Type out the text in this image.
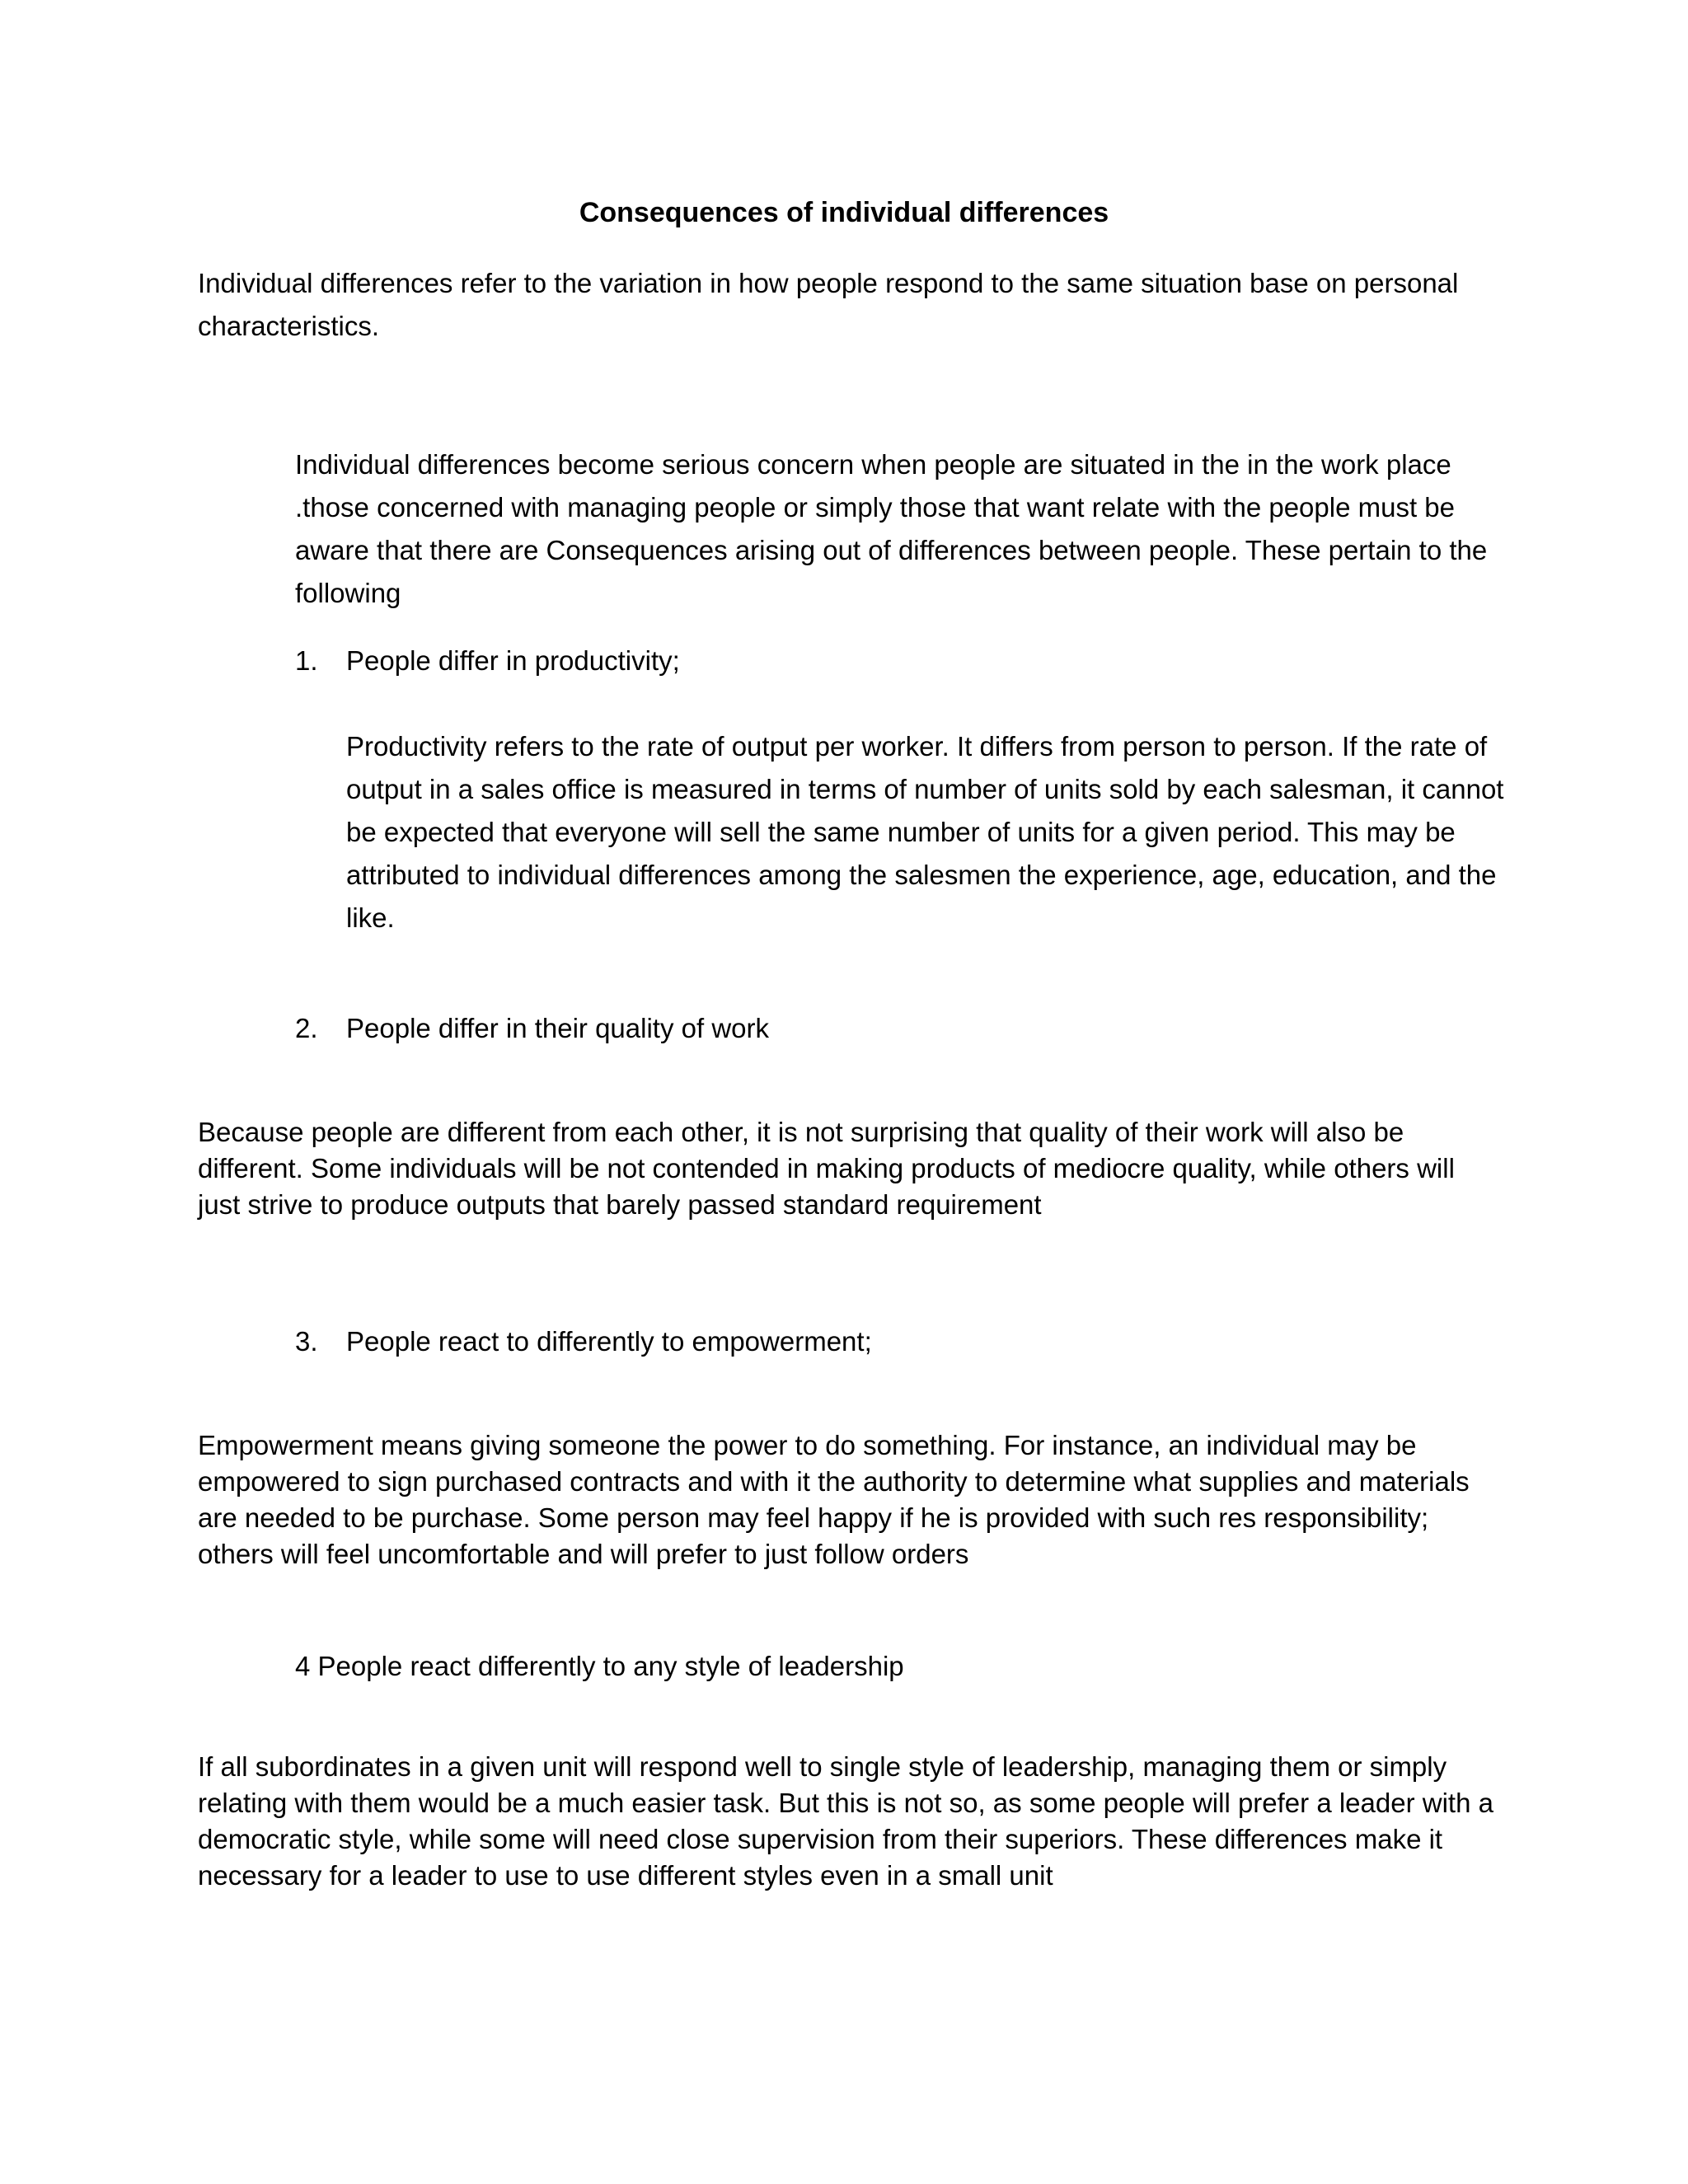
Consequences of individual differences

Individual differences refer to the variation in how people respond to the same situation base on personal characteristics.

Individual differences become serious concern when people are situated in the in the work place .those concerned with managing people or simply those that want relate with the people must be aware that there are Consequences arising out of differences between people. These pertain to the following

1. People differ in productivity;

Productivity refers to the rate of output per worker. It differs from person to person. If the rate of output in a sales office is measured in terms of number of units sold by each salesman, it cannot be expected that everyone will sell the same number of units for a given period. This may be attributed to individual differences among the salesmen the experience, age, education, and the like.

2. People differ in their quality of work

Because people are different from each other, it is not surprising that quality of their work will also be different. Some individuals will be not contended in making products of mediocre quality, while others will just strive to produce outputs that barely passed standard requirement

3. People react to differently to empowerment;

Empowerment means giving someone the power to do something. For instance, an individual may be empowered to sign purchased contracts and with it the authority to determine what supplies and materials are needed to be purchase. Some person may feel happy if he is provided with such res responsibility; others will feel uncomfortable and will prefer to just follow orders

4 People react differently to any style of leadership

If all subordinates in a given unit will respond well to single style of leadership, managing them or simply relating with them would be a much easier task. But this is not so, as some people will prefer a leader with a democratic style, while some will need close supervision from their superiors. These differences make it necessary for a leader to use to use different styles even in a small unit
